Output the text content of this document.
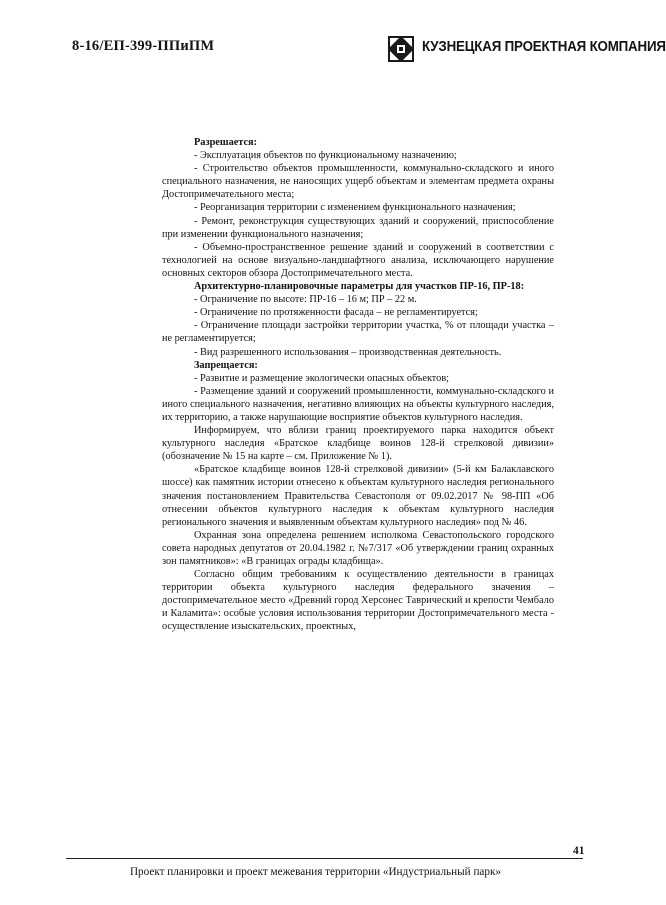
8-16/ЕП-399-ППиПМ	КУЗНЕЦКАЯ ПРОЕКТНАЯ КОМПАНИЯ

Разрешается:

- Эксплуатация объектов по функциональному назначению;

- Строительство объектов промышленности, коммунально-складского и иного специального назначения, не наносящих ущерб объектам и элементам предмета охраны Достопримечательного места;

- Реорганизация территории с изменением функционального назначения;

- Ремонт, реконструкция существующих зданий и сооружений, приспособление при изменении функционального назначения;

- Объемно-пространственное решение зданий и сооружений в соответствии с технологией на основе визуально-ландшафтного анализа, исключающего нарушение основных секторов обзора Достопримечательного места.

Архитектурно-планировочные параметры для участков ПР-16, ПР-18:

- Ограничение по высоте: ПР-16 – 16 м; ПР – 22 м.

- Ограничение по протяженности фасада – не регламентируется;

- Ограничение площади застройки территории участка, % от площади участка – не регламентируется;

- Вид разрешенного использования – производственная деятельность.

Запрещается:

- Развитие и размещение экологически опасных объектов;

- Размещение зданий и сооружений промышленности, коммунально-складского и иного специального назначения, негативно влияющих на объекты культурного наследия, их территорию, а также нарушающие восприятие объектов культурного наследия.

Информируем, что вблизи границ проектируемого парка находится объект культурного наследия «Братское кладбище воинов 128-й стрелковой дивизии» (обозначение № 15 на карте – см. Приложение № 1).

«Братское кладбище воинов 128-й стрелковой дивизии» (5-й км Балаклавского шоссе) как памятник истории отнесено к объектам культурного наследия регионального значения постановлением Правительства Севастополя от 09.02.2017 № 98-ПП «Об отнесении объектов культурного наследия к объектам культурного наследия регионального значения и выявленным объектам культурного наследия» под № 46.

Охранная зона определена решением исполкома Севастопольского городского совета народных депутатов от 20.04.1982 г. №7/317 «Об утверждении границ охранных зон памятников»: «В границах ограды кладбища».

Согласно общим требованиям к осуществлению деятельности в границах территории объекта культурного наследия федерального значения – достопримечательное место «Древний город Херсонес Таврический и крепости Чембало и Каламита»: особые условия использования территории Достопримечательного места - осуществление изыскательских, проектных,

41
Проект планировки и проект межевания территории «Индустриальный парк»
